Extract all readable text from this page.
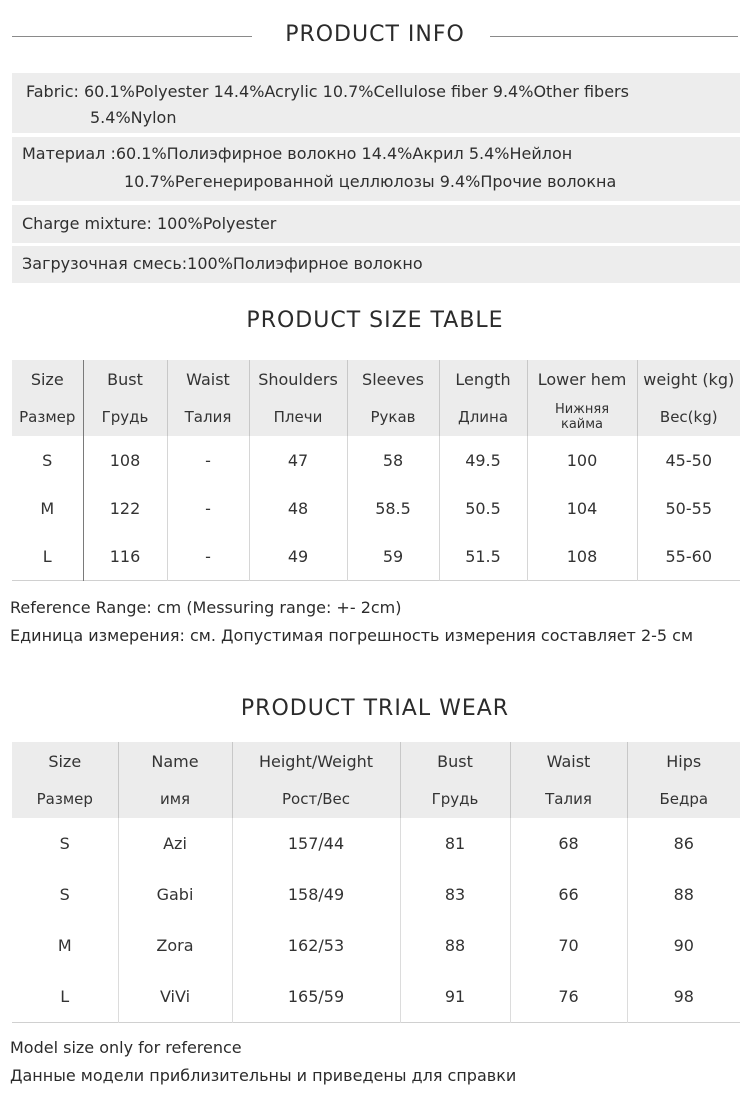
PRODUCT INFO
Fabric: 60.1%Polyester 14.4%Acrylic 10.7%Cellulose fiber 9.4%Other fibers
5.4%Nylon
Материал :60.1%Полиэфирное волокно 14.4%Акрил 5.4%Нейлон
10.7%Регенерированной целлюлозы 9.4%Прочие волокна
Charge mixture: 100%Polyester
Загрузочная смесь:100%Полиэфирное волокно
PRODUCT SIZE TABLE
Size	Bust	Waist	Shoulders	Sleeves	Length	Lower hem	weight (kg)
Размер	Грудь	Талия	Плечи	Рукав	Длина	Нижняя кайма	Вес(kg)
S	108	-	47	58	49.5	100	45-50
M	122	-	48	58.5	50.5	104	50-55
L	116	-	49	59	51.5	108	55-60
Reference Range: cm (Messuring range: +- 2cm)
Единица измерения: см. Допустимая погрешность измерения составляет 2-5 см
PRODUCT TRIAL WEAR
Size	Name	Height/Weight	Bust	Waist	Hips
Размер	имя	Рост/Вес	Грудь	Талия	Бедра
S	Azi	157/44	81	68	86
S	Gabi	158/49	83	66	88
M	Zora	162/53	88	70	90
L	ViVi	165/59	91	76	98
Model size only for reference
Данные модели приблизительны и приведены для справки
